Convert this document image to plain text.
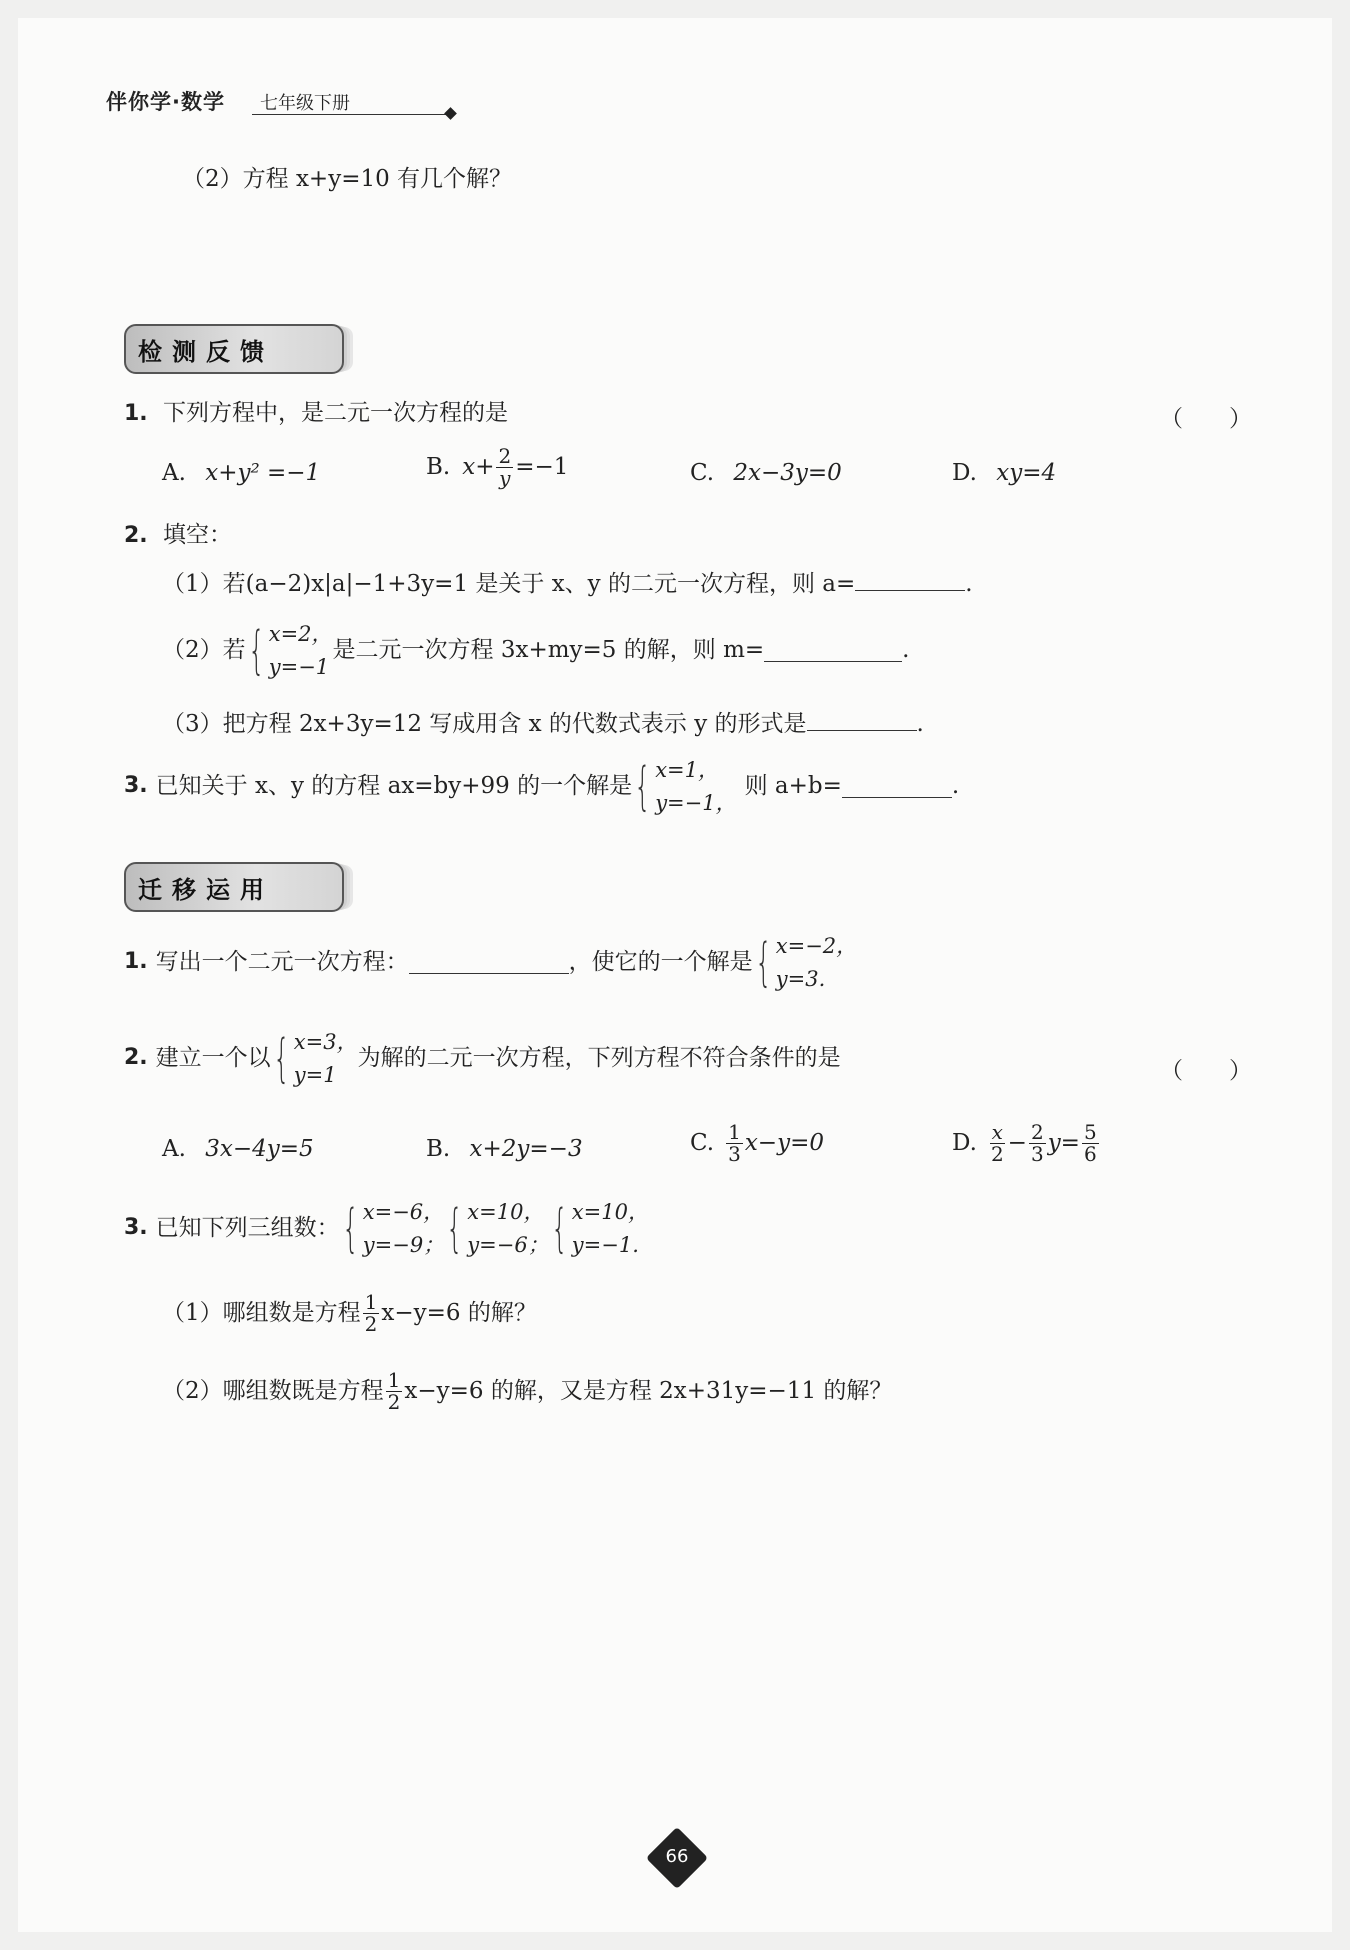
伴你学·数学 七年级下册
（2）方程 x+y=10 有几个解？
检测反馈
1. 下列方程中，是二元一次方程的是	（　　）
A. x+y² =−1	B. $x+ \frac{2}{y} =-1$	C. 2x−3y=0	D. xy=4
2. 填空：
（1）若(a−2)x|a|−1+3y=1 是关于 x、y 的二元一次方程，则 a=	.
（2）若 { x=2，
y=−1
是二元一次方程 3x+my=5 的解，则 m=	.
（3）把方程 2x+3y=12 写成用含 x 的代数式表示 y 的形式是	.
3. 已知关于 x、y 的方程 ax=by+99 的一个解是 { x=1，
y=−1，
则 a+b=	.
迁移运用
1. 写出一个二元一次方程：	，使它的一个解是 { x=−2，
y=3.
2. 建立一个以 { x=3，
y=1
为解的二元一次方程，下列方程不符合条件的是
（　　）
A. 3x−4y=5	B. x+2y=−3	C. $\frac{1}{3} x-y=0$	D. $\frac{x}{2} - \frac{2}{3} y= \frac{5}{6}$
3. 已知下列三组数： { x=−6，
y=−9； { x=10，
y=−6； { x=10，
y=−1.
（1）哪组数是方程 $\frac{1}{2} x-y=6$ 的解？
（2）哪组数既是方程 $\frac{1}{2} x-y=6$ 的解，又是方程 2x+31y=−11 的解？
66
